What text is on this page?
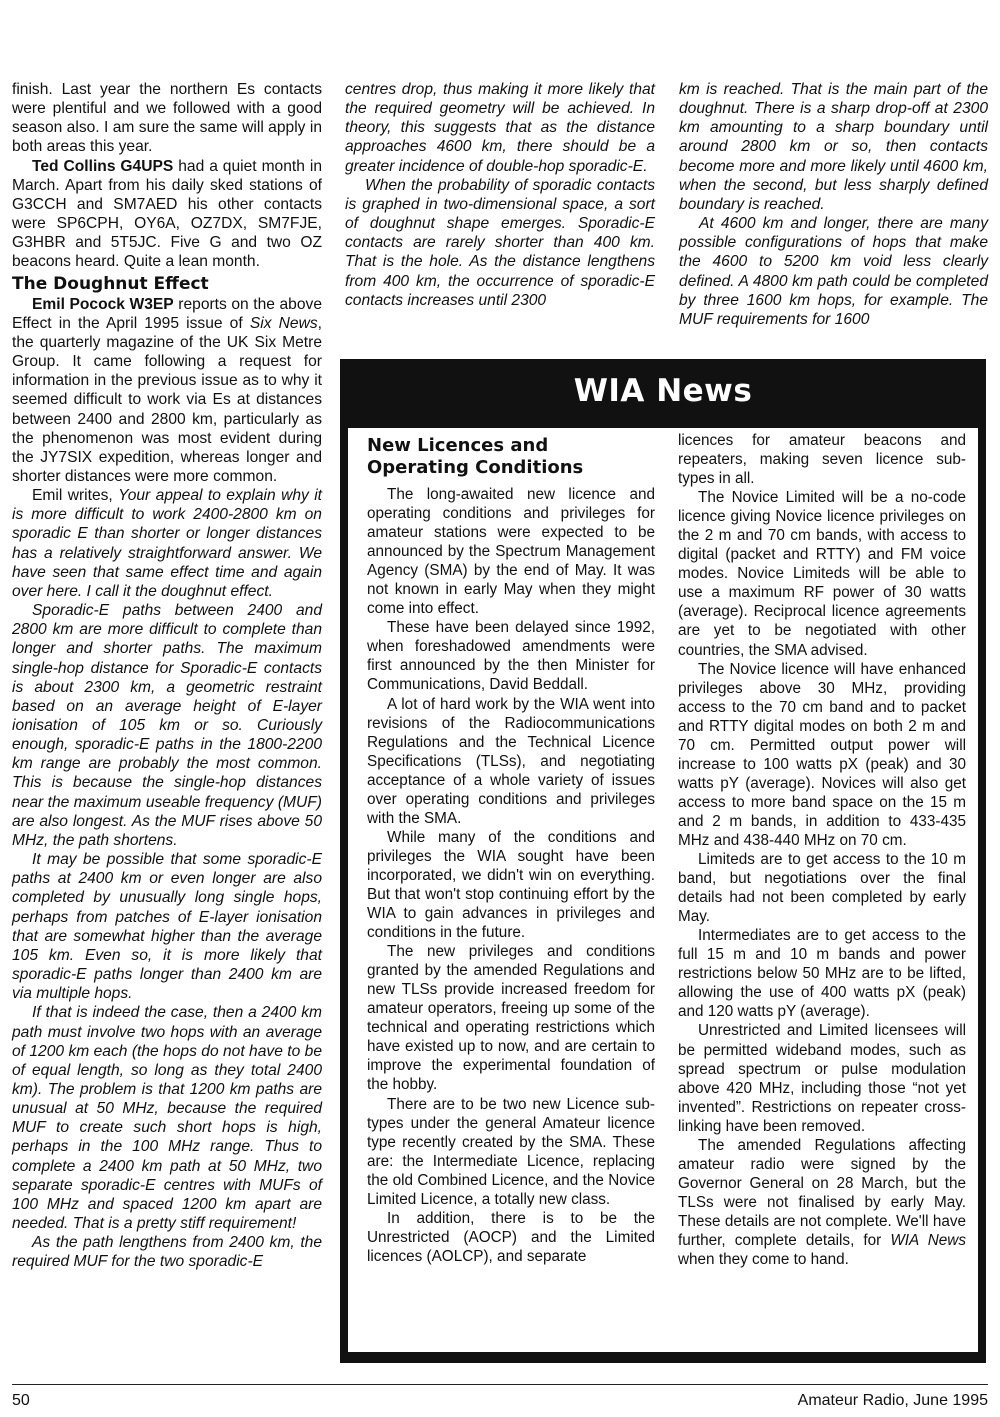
finish. Last year the northern Es contacts were plentiful and we followed with a good season also. I am sure the same will apply in both areas this year.

Ted Collins G4UPS had a quiet month in March. Apart from his daily sked stations of G3CCH and SM7AED his other contacts were SP6CPH, OY6A, OZ7DX, SM7FJE, G3HBR and 5T5JC. Five G and two OZ beacons heard. Quite a lean month.

The Doughnut Effect

Emil Pocock W3EP reports on the above Effect in the April 1995 issue of Six News, the quarterly magazine of the UK Six Metre Group. It came following a request for information in the previous issue as to why it seemed difficult to work via Es at distances between 2400 and 2800 km, particularly as the phenomenon was most evident during the JY7SIX expedition, whereas longer and shorter distances were more common.

Emil writes, Your appeal to explain why it is more difficult to work 2400-2800 km on sporadic E than shorter or longer distances has a relatively straightforward answer. We have seen that same effect time and again over here. I call it the doughnut effect.

Sporadic-E paths between 2400 and 2800 km are more difficult to complete than longer and shorter paths. The maximum single-hop distance for Sporadic-E contacts is about 2300 km, a geometric restraint based on an average height of E-layer ionisation of 105 km or so. Curiously enough, sporadic-E paths in the 1800-2200 km range are probably the most common. This is because the single-hop distances near the maximum useable frequency (MUF) are also longest. As the MUF rises above 50 MHz, the path shortens.

It may be possible that some sporadic-E paths at 2400 km or even longer are also completed by unusually long single hops, perhaps from patches of E-layer ionisation that are somewhat higher than the average 105 km. Even so, it is more likely that sporadic-E paths longer than 2400 km are via multiple hops.

If that is indeed the case, then a 2400 km path must involve two hops with an average of 1200 km each (the hops do not have to be of equal length, so long as they total 2400 km). The problem is that 1200 km paths are unusual at 50 MHz, because the required MUF to create such short hops is high, perhaps in the 100 MHz range. Thus to complete a 2400 km path at 50 MHz, two separate sporadic-E centres with MUFs of 100 MHz and spaced 1200 km apart are needed. That is a pretty stiff requirement!

As the path lengthens from 2400 km, the required MUF for the two sporadic-E

centres drop, thus making it more likely that the required geometry will be achieved. In theory, this suggests that as the distance approaches 4600 km, there should be a greater incidence of double-hop sporadic-E.

When the probability of sporadic contacts is graphed in two-dimensional space, a sort of doughnut shape emerges. Sporadic-E contacts are rarely shorter than 400 km. That is the hole. As the distance lengthens from 400 km, the occurrence of sporadic-E contacts increases until 2300

km is reached. That is the main part of the doughnut. There is a sharp drop-off at 2300 km amounting to a sharp boundary until around 2800 km or so, then contacts become more and more likely until 4600 km, when the second, but less sharply defined boundary is reached.

At 4600 km and longer, there are many possible configurations of hops that make the 4600 to 5200 km void less clearly defined. A 4800 km path could be completed by three 1600 km hops, for example. The MUF requirements for 1600

WIA News
New Licences and
Operating Conditions

The long-awaited new licence and operating conditions and privileges for amateur stations were expected to be announced by the Spectrum Management Agency (SMA) by the end of May. It was not known in early May when they might come into effect.

These have been delayed since 1992, when foreshadowed amendments were first announced by the then Minister for Communications, David Beddall.

A lot of hard work by the WIA went into revisions of the Radiocommunications Regulations and the Technical Licence Specifications (TLSs), and negotiating acceptance of a whole variety of issues over operating conditions and privileges with the SMA.

While many of the conditions and privileges the WIA sought have been incorporated, we didn't win on everything. But that won't stop continuing effort by the WIA to gain advances in privileges and conditions in the future.

The new privileges and conditions granted by the amended Regulations and new TLSs provide increased freedom for amateur operators, freeing up some of the technical and operating restrictions which have existed up to now, and are certain to improve the experimental foundation of the hobby.

There are to be two new Licence sub-types under the general Amateur licence type recently created by the SMA. These are: the Intermediate Licence, replacing the old Combined Licence, and the Novice Limited Licence, a totally new class.

In addition, there is to be the Unrestricted (AOCP) and the Limited licences (AOLCP), and separate

licences for amateur beacons and repeaters, making seven licence sub-types in all.

The Novice Limited will be a no-code licence giving Novice licence privileges on the 2 m and 70 cm bands, with access to digital (packet and RTTY) and FM voice modes. Novice Limiteds will be able to use a maximum RF power of 30 watts (average). Reciprocal licence agreements are yet to be negotiated with other countries, the SMA advised.

The Novice licence will have enhanced privileges above 30 MHz, providing access to the 70 cm band and to packet and RTTY digital modes on both 2 m and 70 cm. Permitted output power will increase to 100 watts pX (peak) and 30 watts pY (average). Novices will also get access to more band space on the 15 m and 2 m bands, in addition to 433-435 MHz and 438-440 MHz on 70 cm.

Limiteds are to get access to the 10 m band, but negotiations over the final details had not been completed by early May.

Intermediates are to get access to the full 15 m and 10 m bands and power restrictions below 50 MHz are to be lifted, allowing the use of 400 watts pX (peak) and 120 watts pY (average).

Unrestricted and Limited licensees will be permitted wideband modes, such as spread spectrum or pulse modulation above 420 MHz, including those “not yet invented”. Restrictions on repeater cross-linking have been removed.

The amended Regulations affecting amateur radio were signed by the Governor General on 28 March, but the TLSs were not finalised by early May. These details are not complete. We'll have further, complete details, for WIA News when they come to hand.

50	Amateur Radio, June 1995
